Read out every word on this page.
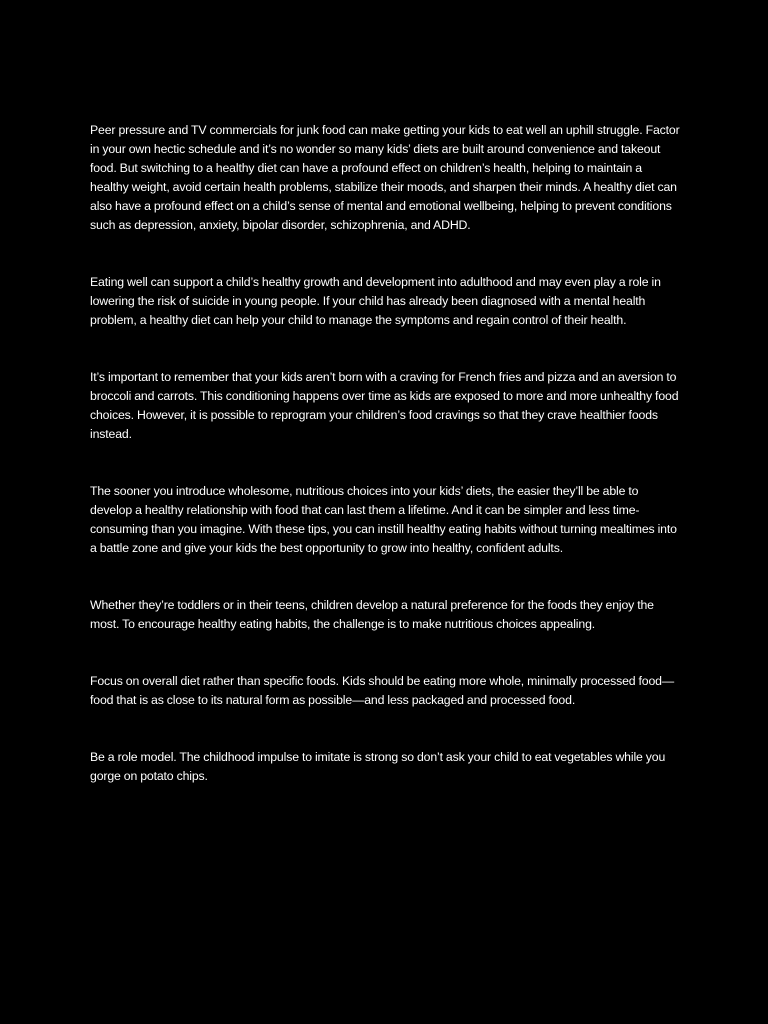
Peer pressure and TV commercials for junk food can make getting your kids to eat well an uphill struggle. Factor in your own hectic schedule and it’s no wonder so many kids’ diets are built around convenience and takeout food. But switching to a healthy diet can have a profound effect on children’s health, helping to maintain a healthy weight, avoid certain health problems, stabilize their moods, and sharpen their minds. A healthy diet can also have a profound effect on a child’s sense of mental and emotional wellbeing, helping to prevent conditions such as depression, anxiety, bipolar disorder, schizophrenia, and ADHD.

Eating well can support a child’s healthy growth and development into adulthood and may even play a role in lowering the risk of suicide in young people. If your child has already been diagnosed with a mental health problem, a healthy diet can help your child to manage the symptoms and regain control of their health.

It’s important to remember that your kids aren’t born with a craving for French fries and pizza and an aversion to broccoli and carrots. This conditioning happens over time as kids are exposed to more and more unhealthy food choices. However, it is possible to reprogram your children’s food cravings so that they crave healthier foods instead.

The sooner you introduce wholesome, nutritious choices into your kids’ diets, the easier they’ll be able to develop a healthy relationship with food that can last them a lifetime. And it can be simpler and less time-consuming than you imagine. With these tips, you can instill healthy eating habits without turning mealtimes into a battle zone and give your kids the best opportunity to grow into healthy, confident adults.

Whether they’re toddlers or in their teens, children develop a natural preference for the foods they enjoy the most. To encourage healthy eating habits, the challenge is to make nutritious choices appealing.

Focus on overall diet rather than specific foods. Kids should be eating more whole, minimally processed food—food that is as close to its natural form as possible—and less packaged and processed food.

Be a role model. The childhood impulse to imitate is strong so don’t ask your child to eat vegetables while you gorge on potato chips.
